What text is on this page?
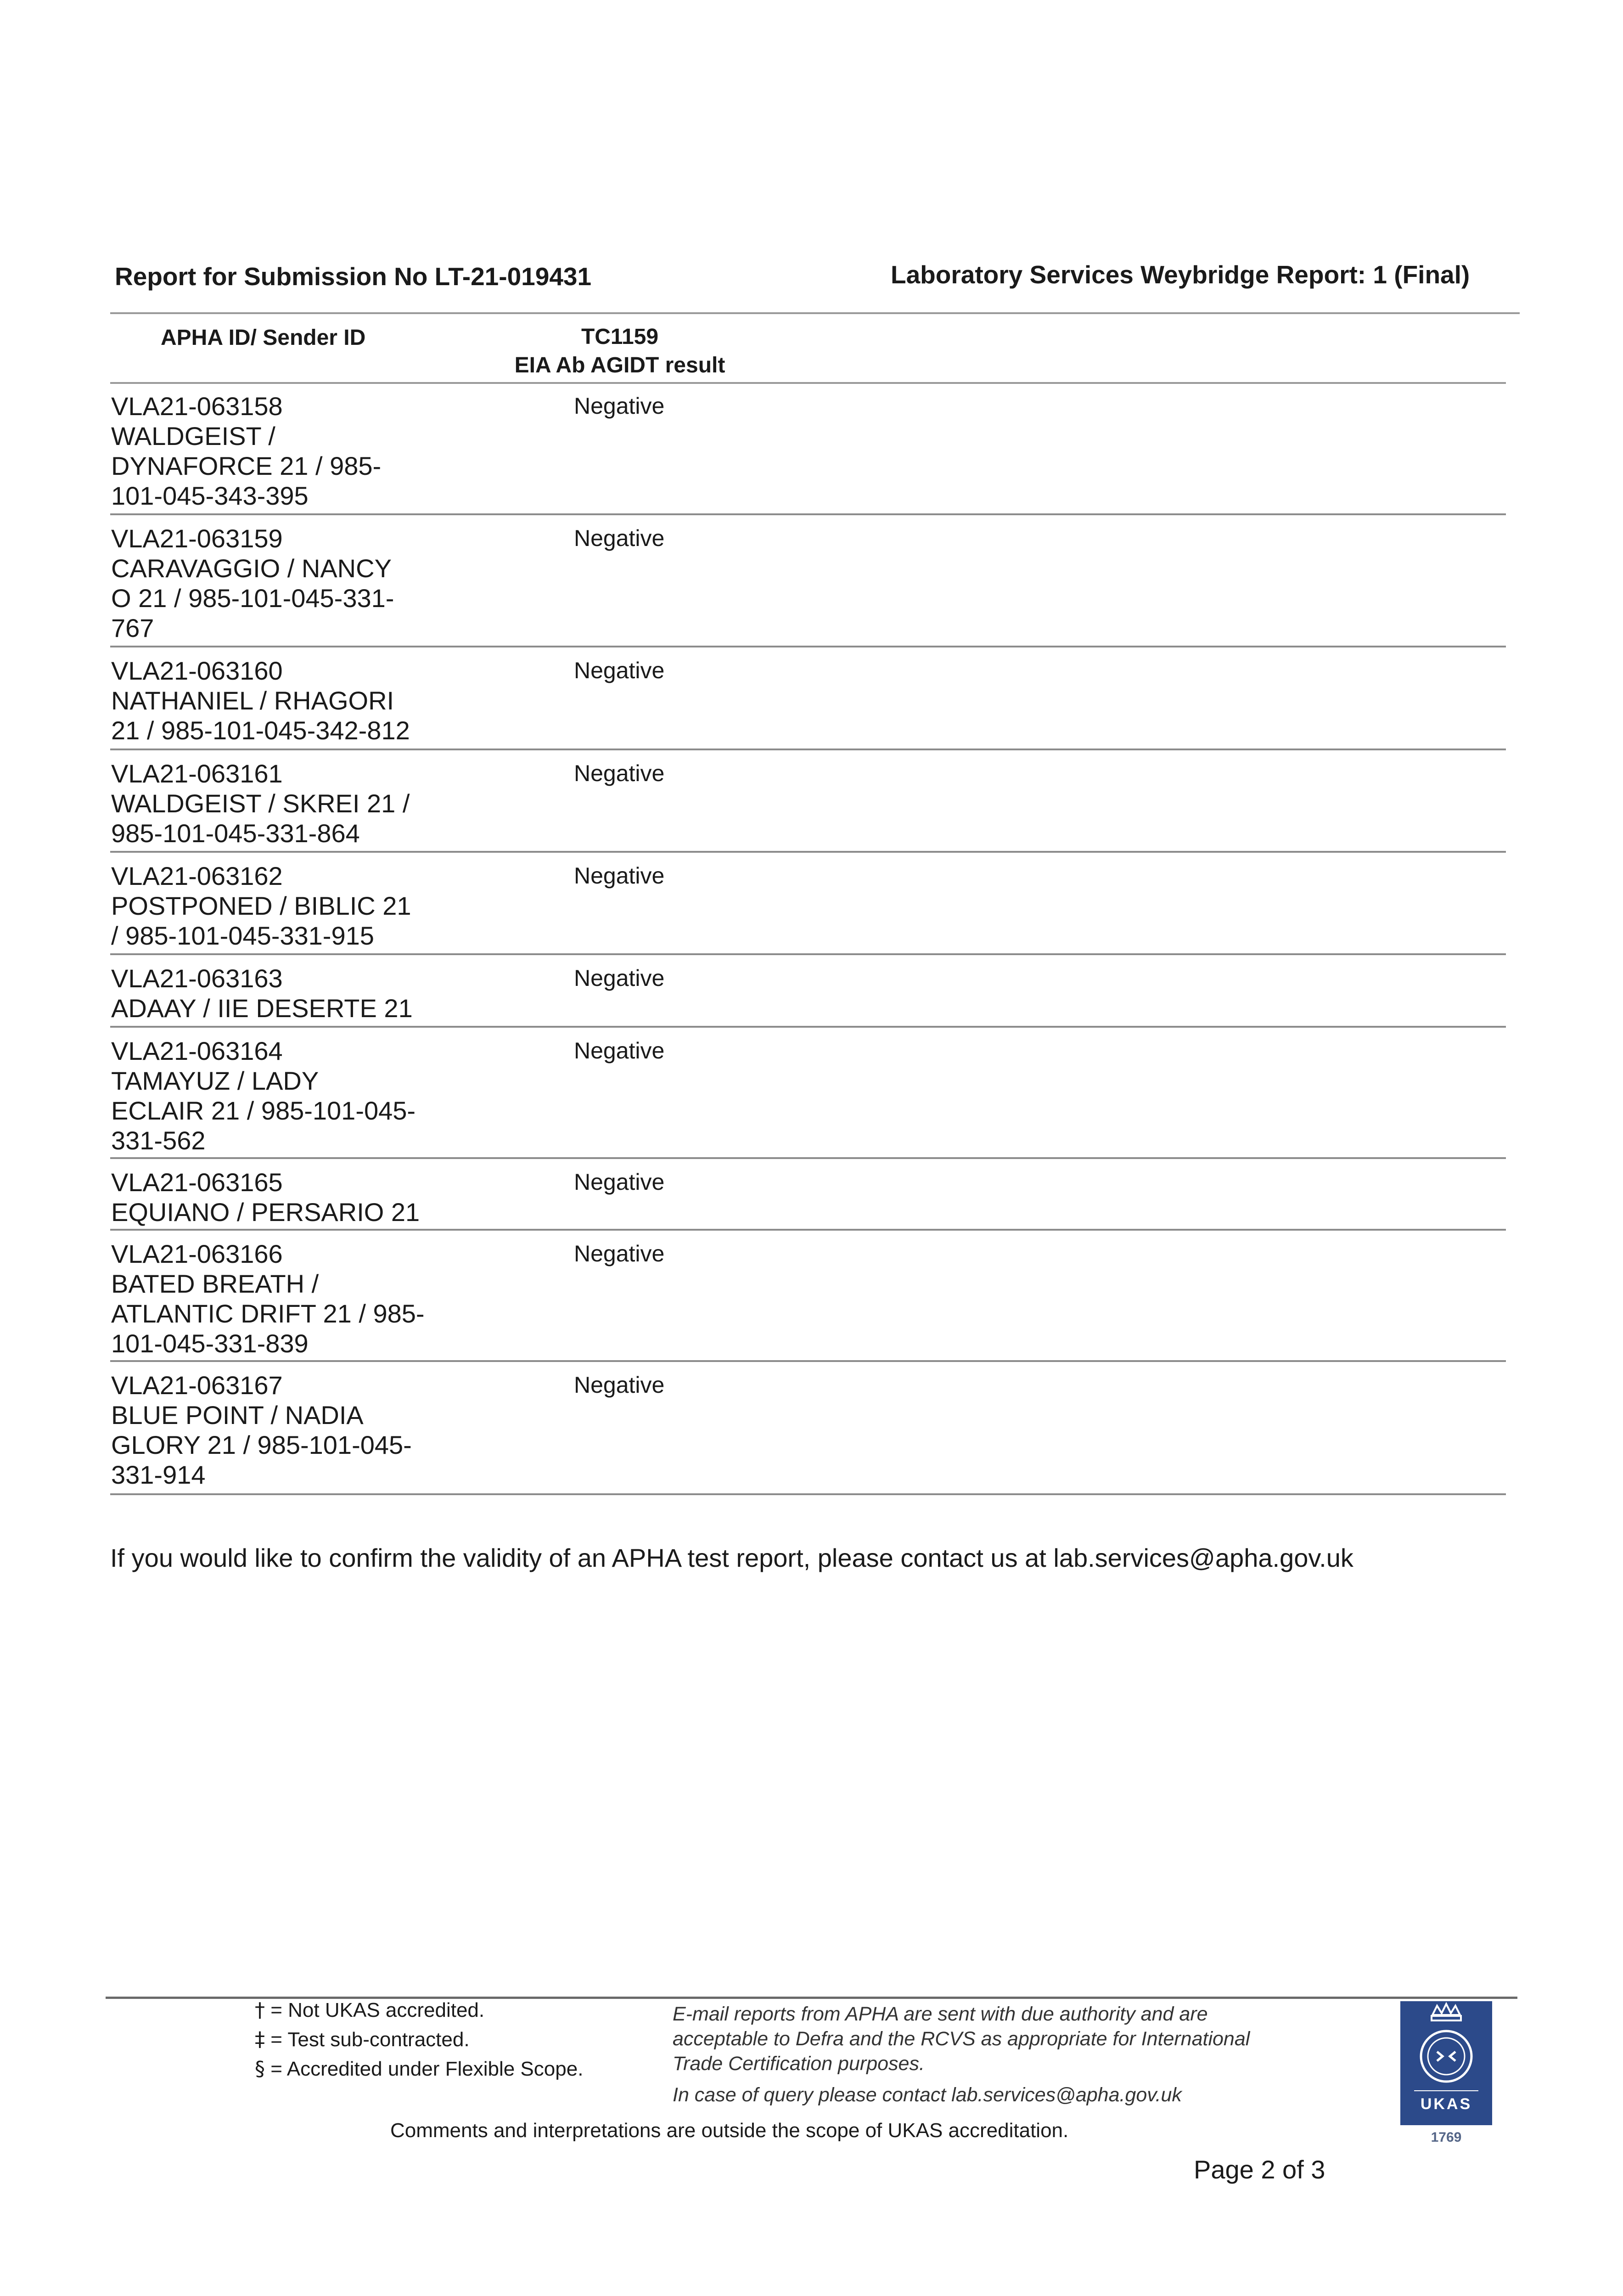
Report for Submission No LT-21-019431	Laboratory Services Weybridge Report: 1 (Final)
APHA ID/ Sender ID	TC1159
EIA Ab AGIDT result
VLA21-063158
WALDGEIST /
DYNAFORCE 21 / 985-
101-045-343-395
Negative
VLA21-063159
CARAVAGGIO / NANCY
O 21 / 985-101-045-331-
767
Negative
VLA21-063160
NATHANIEL / RHAGORI
21 / 985-101-045-342-812
Negative
VLA21-063161
WALDGEIST / SKREI 21 /
985-101-045-331-864
Negative
VLA21-063162
POSTPONED / BIBLIC 21
/ 985-101-045-331-915
Negative
VLA21-063163
ADAAY / IIE DESERTE 21
Negative
VLA21-063164
TAMAYUZ / LADY
ECLAIR 21 / 985-101-045-
331-562
Negative
VLA21-063165
EQUIANO / PERSARIO 21
Negative
VLA21-063166
BATED BREATH /
ATLANTIC DRIFT 21 / 985-
101-045-331-839
Negative
VLA21-063167
BLUE POINT / NADIA
GLORY 21 / 985-101-045-
331-914
Negative
If you would like to confirm the validity of an APHA test report, please contact us at lab.services@apha.gov.uk
† = Not UKAS accredited.
‡ = Test sub-contracted.
§ = Accredited under Flexible Scope.
E-mail reports from APHA are sent with due authority and are
acceptable to Defra and the RCVS as appropriate for International
Trade Certification purposes.
In case of query please contact lab.services@apha.gov.uk
Comments and interpretations are outside the scope of UKAS accreditation.
Page 2 of 3
UKAS
1769
